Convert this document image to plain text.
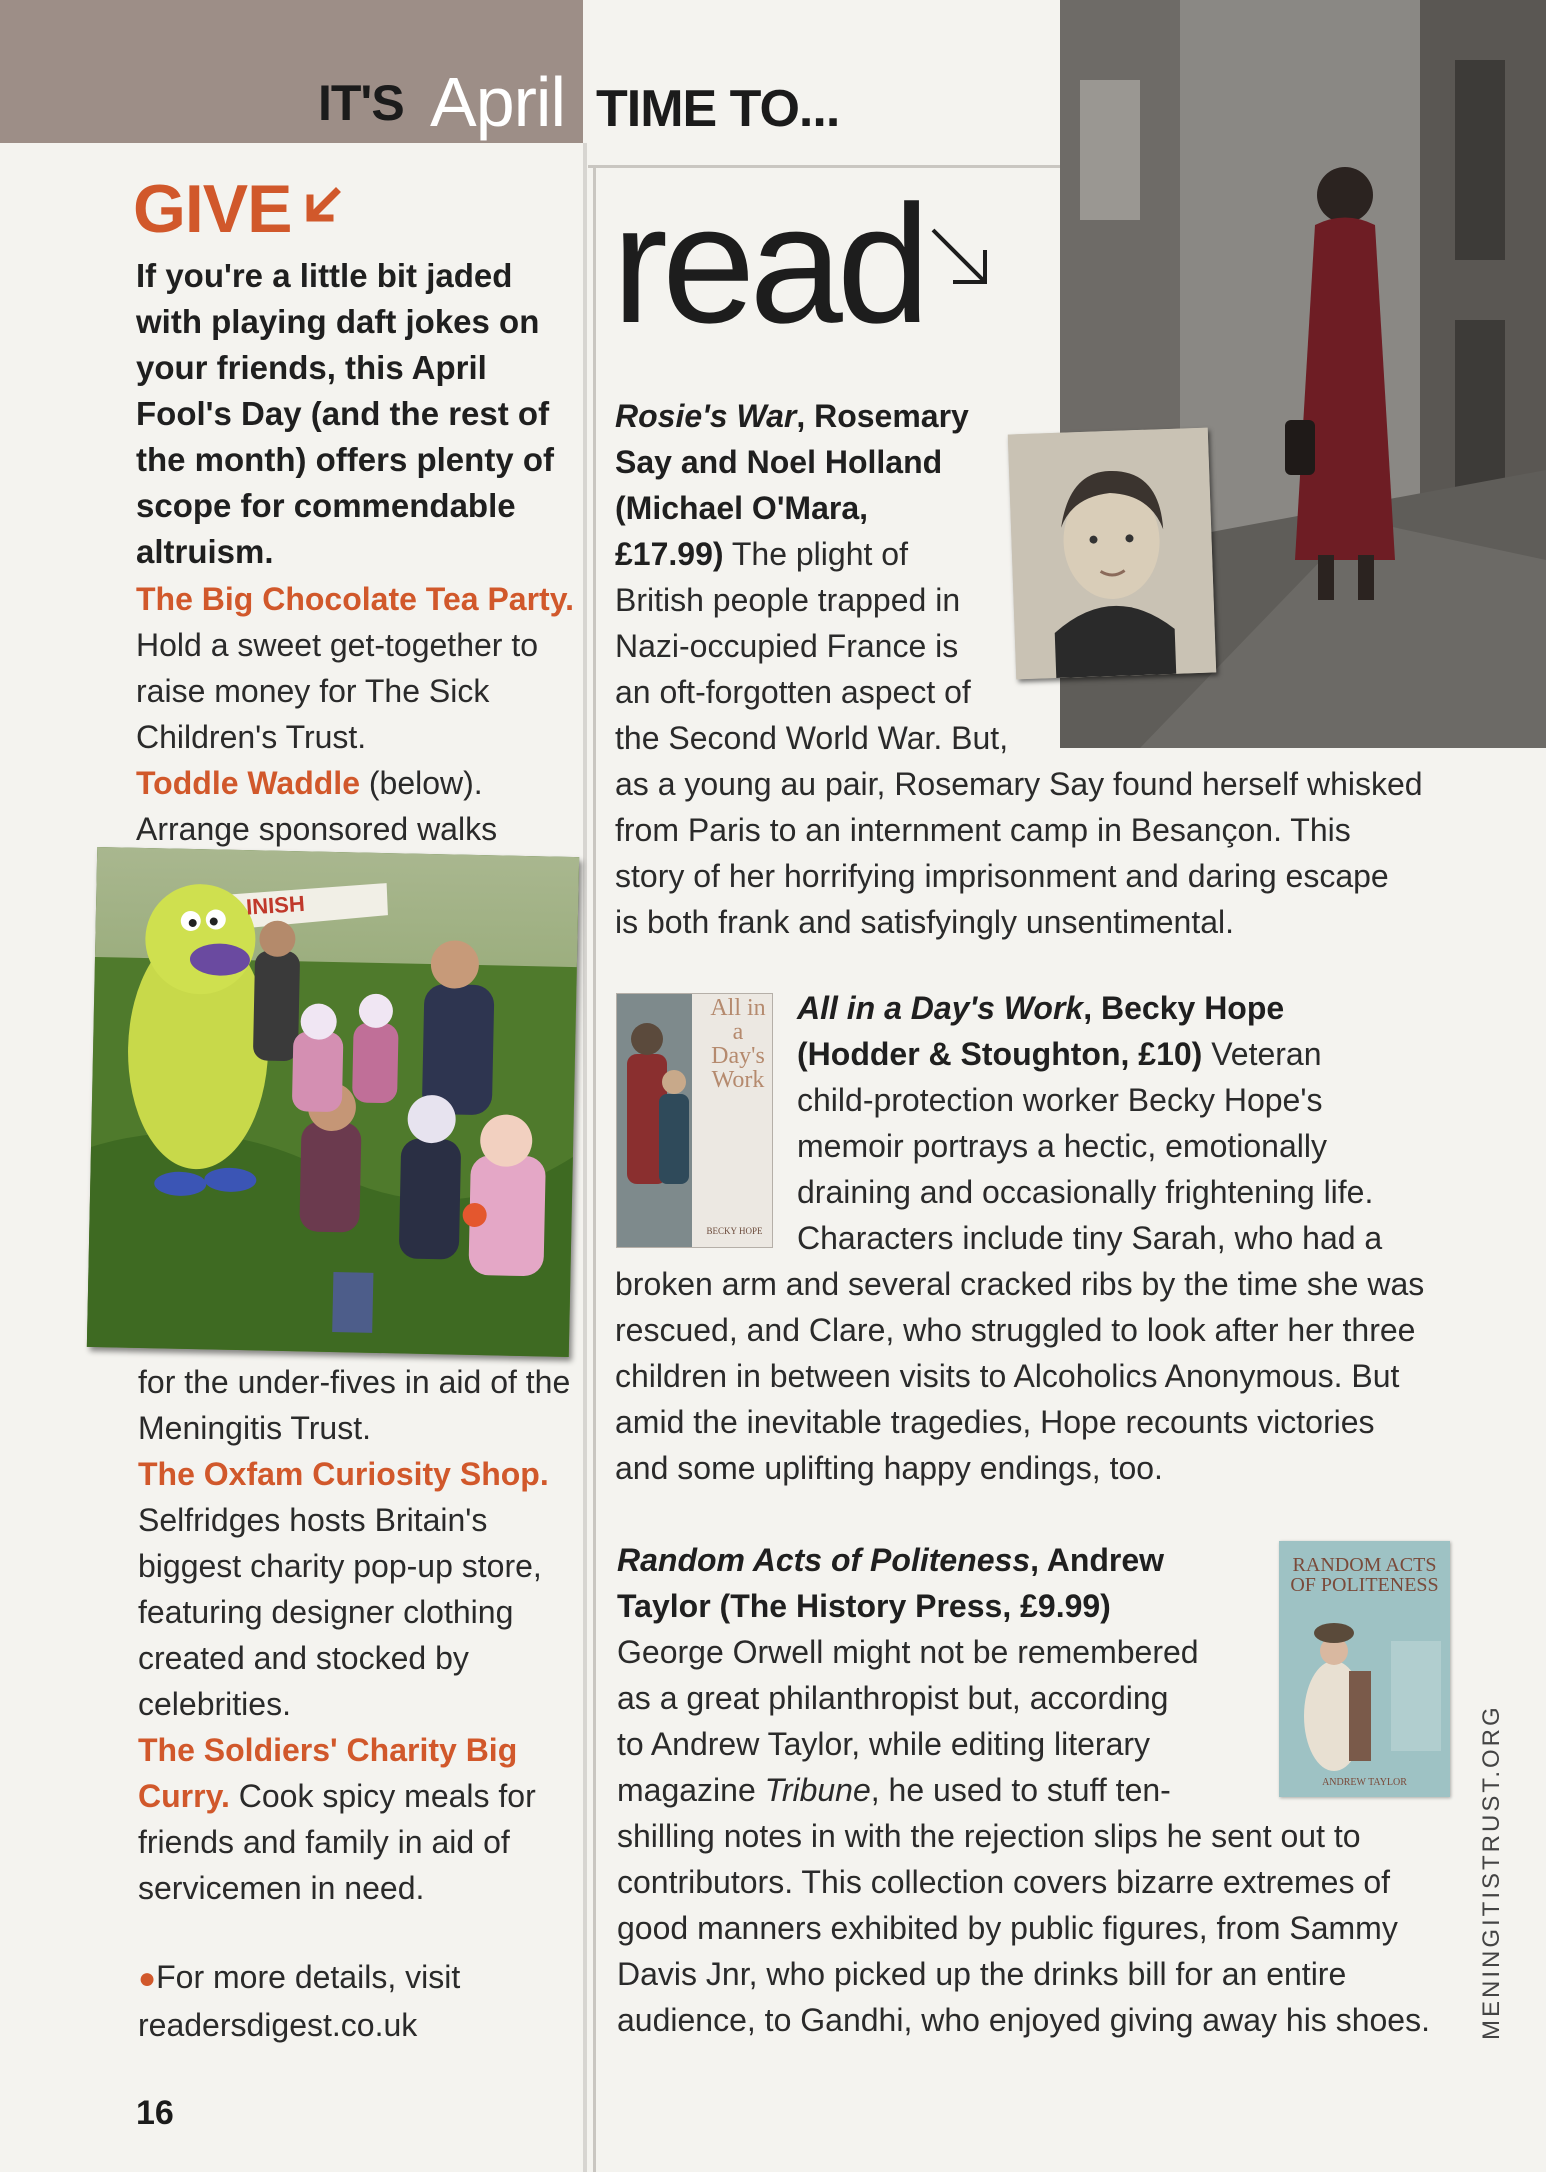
IT'S April TIME TO...
GIVE
If you're a little bit jaded with playing daft jokes on your friends, this April Fool's Day (and the rest of the month) offers plenty of scope for commendable altruism.
The Big Chocolate Tea Party. Hold a sweet get-together to raise money for The Sick Children's Trust.
Toddle Waddle (below). Arrange sponsored walks
INISH
for the under-fives in aid of the Meningitis Trust.
The Oxfam Curiosity Shop. Selfridges hosts Britain's biggest charity pop-up store, featuring designer clothing created and stocked by celebrities.
The Soldiers' Charity Big Curry. Cook spicy meals for friends and family in aid of servicemen in need.
●For more details, visit readersdigest.co.uk
16
read
Rosie's War, Rosemary
Say and Noel Holland
(Michael O'Mara,
£17.99) The plight of
British people trapped in
Nazi-occupied France is
an oft-forgotten aspect of
the Second World War. But,
as a young au pair, Rosemary Say found herself whisked
from Paris to an internment camp in Besançon. This
story of her horrifying imprisonment and daring escape
is both frank and satisfyingly unsentimental.
All in a Day's Work
BECKY HOPE
All in a Day's Work, Becky Hope
(Hodder & Stoughton, £10) Veteran
child-protection worker Becky Hope's
memoir portrays a hectic, emotionally
draining and occasionally frightening life.
Characters include tiny Sarah, who had a
broken arm and several cracked ribs by the time she was
rescued, and Clare, who struggled to look after her three
children in between visits to Alcoholics Anonymous. But
amid the inevitable tragedies, Hope recounts victories
and some uplifting happy endings, too.
Random Acts of Politeness, Andrew
Taylor (The History Press, £9.99)
George Orwell might not be remembered
as a great philanthropist but, according
to Andrew Taylor, while editing literary
magazine Tribune, he used to stuff ten-
shilling notes in with the rejection slips he sent out to
contributors. This collection covers bizarre extremes of
good manners exhibited by public figures, from Sammy
Davis Jnr, who picked up the drinks bill for an entire
audience, to Gandhi, who enjoyed giving away his shoes.
RANDOM ACTS OF POLITENESS
ANDREW TAYLOR	MENINGITISTRUST.ORG
